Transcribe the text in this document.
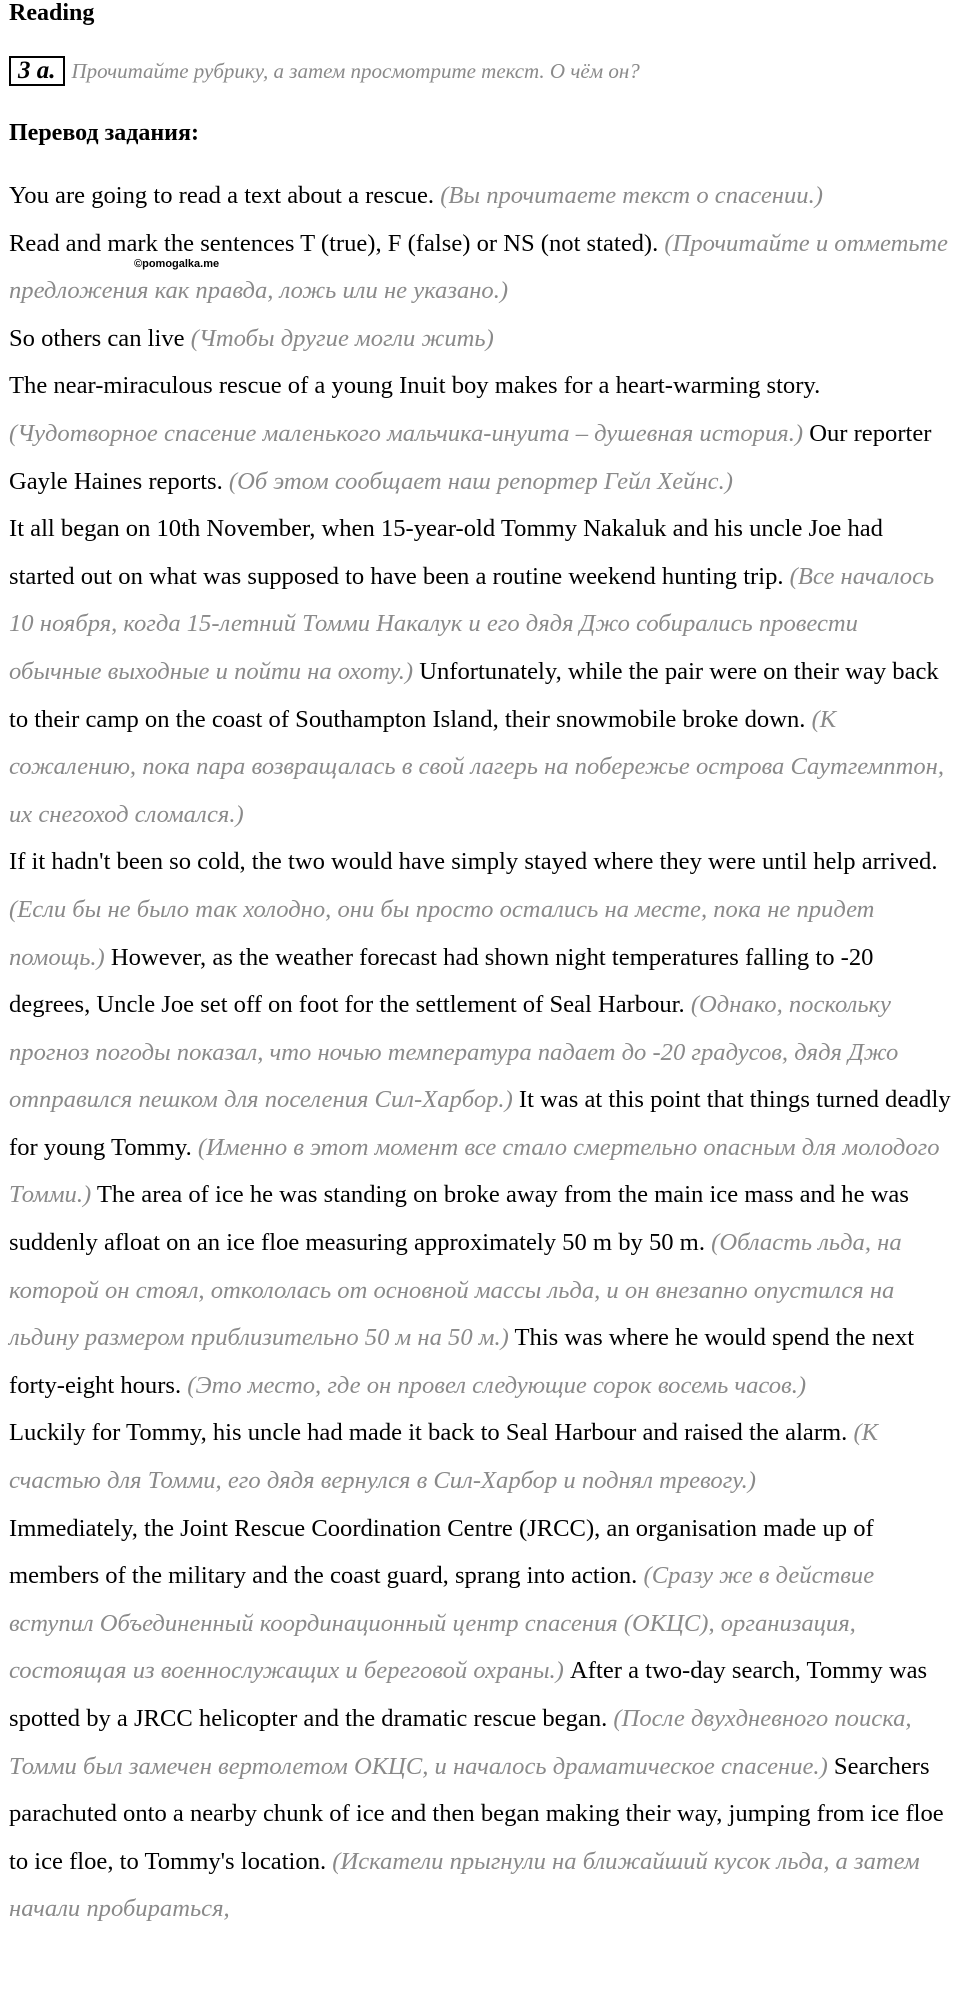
Reading
3 a. Прочитайте рубрику, а затем просмотрите текст. О чём он?
Перевод задания:

You are going to read a text about a rescue. (Вы прочитаете текст о спасении.)

Read and mark the sentences T (true), F (false) or NS (not stated). (Прочитайте и отметьте предложения как правда, ложь или не указано.)

So others can live (Чтобы другие могли жить)

The near-miraculous rescue of a young Inuit boy makes for a heart-warming story. (Чудотворное спасение маленького мальчика-инуита – душевная история.) Our reporter Gayle Haines reports. (Об этом сообщает наш репортер Гейл Хейнс.)

It all began on 10th November, when 15-year-old Tommy Nakaluk and his uncle Joe had started out on what was supposed to have been a routine weekend hunting trip. (Все началось 10 ноября, когда 15-летний Томми Накалук и его дядя Джо собирались провести обычные выходные и пойти на охоту.) Unfortunately, while the pair were on their way back to their camp on the coast of Southampton Island, their snowmobile broke down. (К сожалению, пока пара возвращалась в свой лагерь на побережье острова Саутгемптон, их снегоход сломался.)

If it hadn't been so cold, the two would have simply stayed where they were until help arrived. (Если бы не было так холодно, они бы просто остались на месте, пока не придет помощь.) However, as the weather forecast had shown night temperatures falling to -20 degrees, Uncle Joe set off on foot for the settlement of Seal Harbour. (Однако, поскольку прогноз погоды показал, что ночью температура падает до -20 градусов, дядя Джо отправился пешком для поселения Сил-Харбор.) It was at this point that things turned deadly for young Tommy. (Именно в этот момент все стало смертельно опасным для молодого Томми.) The area of ice he was standing on broke away from the main ice mass and he was suddenly afloat on an ice floe measuring approximately 50 m by 50 m. (Область льда, на которой он стоял, откололась от основной массы льда, и он внезапно опустился на льдину размером приблизительно 50 м на 50 м.) This was where he would spend the next forty-eight hours. (Это место, где он провел следующие сорок восемь часов.)

Luckily for Tommy, his uncle had made it back to Seal Harbour and raised the alarm. (К счастью для Томми, его дядя вернулся в Сил-Харбор и поднял тревогу.)

Immediately, the Joint Rescue Coordination Centre (JRCC), an organisation made up of members of the military and the coast guard, sprang into action. (Сразу же в действие вступил Объединенный координационный центр спасения (ОКЦС), организация, состоящая из военнослужащих и береговой охраны.) After a two-day search, Tommy was spotted by a JRCC helicopter and the dramatic rescue began. (После двухдневного поиска, Томми был замечен вертолетом ОКЦС, и началось драматическое спасение.) Searchers parachuted onto a nearby chunk of ice and then began making their way, jumping from ice floe to ice floe, to Tommy's location. (Искатели прыгнули на ближайший кусок льда, а затем начали пробираться,

©pomogalka.me
